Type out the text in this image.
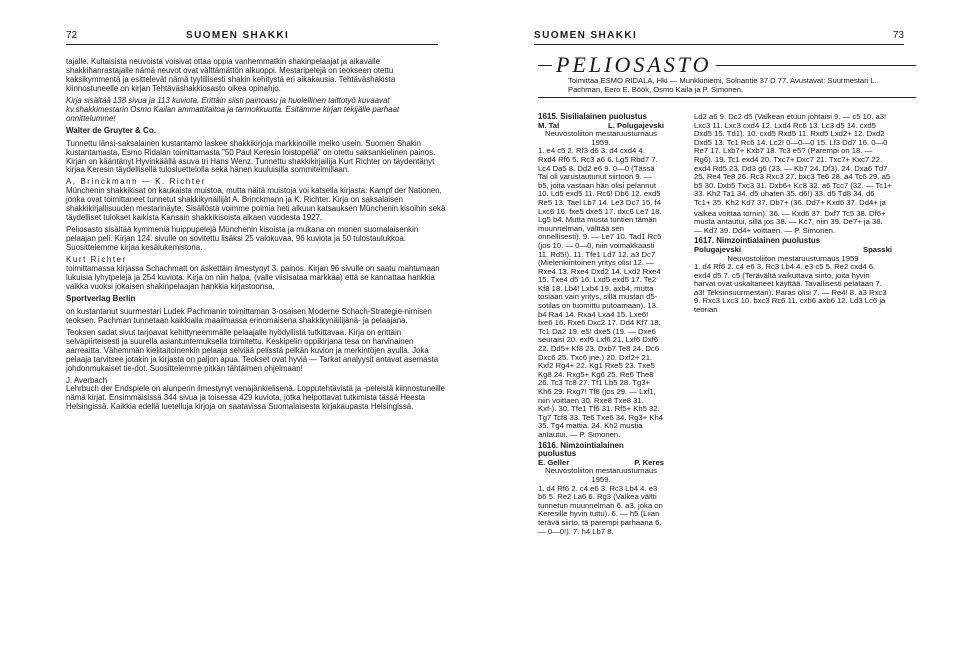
72	SUOMEN SHAKKI

tajalle. Kultaisista neuvoista voisivat ottaa oppia vanhemmatkin shakinpelaajat ja aikavalle shakkihanrastajalle nämä neuvot ovat välttämättön alkuoppi. Mestaripelejä on teokseen otettu kaksikymmentä ja esittelevät nämä tyylillisesti shakin kehitystä eri aikakausia. Tehtäväshakista kiinnostuneelle on kirjan Tehtäväshakkiosasto oikea opinahjo.

Kirja sisältää 138 sivua ja 113 kuviota. Erittäin siisti painoasu ja huolellinen taittotyö kuvaavat kv.shakkimestarin Osmo Kailan ammattitaitoa ja tarmokkuutta. Esitämme kirjan tekijälle parhaat onnittelumme!

Walter de Gruyter & Co.

Tunnettu länsi-saksalainen kustantamo laskee shakkikirjoja markkinoille melko usein. Suomen Shakin kustantamasta, Esmo Ridalan toimittamasta "50 Paul Keresin loistopeliä" on otettu saksankielinen painos. Kirjan on kääntänyt Hyvinkäällä asuva tri Hans Wenz. Tunnettu shakkikirjailija Kurt Richter on täydentänyt kirjaa Keresin täydellisellä tulosluettelolla sekä hänen kuuluisilla sommitelmillaan.

A. Brinckmann — K. Richter

Münchenin shakkikisat on kaukaista muistoa, mutta näitä muistoja voi katsella kirjasta: Kampf der Nationen, jonka ovat toimittaneet tunnetut shakkikynäilijät A. Brinckmann ja K. Richter. Kirja on saksalaisen shakkikirjallisuuden mestarinäyte. Sisällöstä voimme poimia heti alkuun katsauksen Münchenin kisoihin sekä täydelliset tulokset kaikista Kansain shakkikisoista alkaen vuodesta 1927.

Peliosasto sisältää kymmeniä huippupelejä Münchenin kisoista ja mukana on monen suomalaisenkin pelaajan peli. Kirjan 124. sivulle on sovitettu lisäksi 25 valokuvaa, 96 kuviota ja 50 tulostaulukkoa. Suosittelemme kirjaa kesälukemistona.

Kurt Richter

toimittamassa kirjassa Schachmatt on äskettäin ilmestynyt 3. painos. Kirjan 96 sivulle on saatu mahtumaan lukuisia lyhytpelejä ja 254 kuviota. Kirja on niin halpa, (valle viisisataa markkaa) että se kannattaa hankkia vaikka vuoksi jokaisen shakinpelaajan hankkia kirjastoonsa.

Sportverlag Berlin

on kustantanut suurmestari Ludek Pachmanin toimittaman 3-osaisen Moderne Schach-Strategie-nimisen teoksen. Pachman tunnetaan kaikkialla maailmassa erinomaisena shakkikynäilijänä- ja pelaajana.

Teoksen sadat sivut tarjoavat kehittyneemmälle pelaajalle hyödyllistä tutkittavaa. Kirja on erittäin selväpiirteisesti ja suurella asiantuntemuksella toimitettu. Keskipelin oppikirjana tesa on harvinainen aarreaitta. Vähemmän kielitaitoinenkin pelaaja selviää pelisstä pelkän kuvion ja merkintöjen avulla. Joka pelaaja tarvitsee jotakin ja kirjasta on paljon apua. Teokset ovat hyviä — Tarkat analyysit antavat asemasta johdonmukaiset tie-dot. Suosittelemme pitkän tähtäimen ohjelmaan!

J. Averbach

Lehrbuch der Endspiele on alunperin ilmestynyt venäjänkielisenä. Lopputehtävistä ja -peleistä kiinnostuneille nämä kirjat. Ensimmäisissä 344 sivua ja toisessa 429 kuviota, jotka helpottavat tutkimista tässä Heesta Helsingissä. Kaikkia edellä luetelluja kirjoja on saatavissa Suomalaisesta kirjakaupasta Helsingissä.

SUOMEN SHAKKI	73
PELIOSASTO
Toimittaa ESMO RIDALA, Hki — Munkkiniemi, Solnantie 37 D 77. Avustavat: Suurmestari L. Pachman, Eero E. Böök, Osmo Kaila ja P. Simonen.
1615. Sisilialainen puolustus
M. Tal	L. Polugajevski
Neuvostoliiton mestaruusturnaus 1959.

1. e4 c5 2. Rf3 d6 3. d4 cxd4 4. Rxd4 Rf6 5. Rc3 a6 6. Lg5 Rbd7 7. Lc4 Da5 8. Dd2 e6 9. 0—0 (Tässä Tal oli varustautunut siirtoon 9. — b5, joita vastaan hän olisi pelannut 10. Ld5 exd5 11. Rc6! Db6 12. exd5 Re5 13. Tael Lb7 14. Le3 Dc7 15. f4 Lxc6 16. fxe5 dxe5 17. dxc6 Le7 18. Lg5 b4. Mutta musta tuntien tämän muunnelman, välttää sen onnellisesti). 9. — Le7 10. Tad1 Rc5 (jos 10. — 0—0, niin voimakkaasti 11. Rd5!). 11. Tfe1 Ld7 12. a3 Dc7 (Mielenkiintoinen yritys olisi 12. — Rxe4 13. Rxe4 Dxd2 14. Lxd2 Rxe4 15. Txe4 d5 16. Lxd5 exd5 17. Te2 Kf8 18. Lb4! Lxb4 19. axb4, mutta tosiaan vain yritys, sillä mustan d5-sotilas on tuomittu putoamaan). 13. b4 Ra4 14. Rxa4 Lxa4 15. Lxe6! fxe6 16. Rxe6 Dxc2 17. Dd4 Kf7 18. Tc1 Da2 19. e5! dxe5 (19. — Dxe6 seuraisi 20. exf6 Lxf6 21. Lxf6 Dxf6 22. Dd5+ Kf8 23. Dxb7 Te8 24. Dc6 Dxc6 25. Txc6 jne.) 20. Dxf2+ 21. Kxf2 Rg4+ 22. Kg1 Rxe5 23. Txe5 Kg8 24. Rxg5+ Kg6 25. Re6 The8 26. Tc3 Tc8 27. Tf1 Lb5 28. Tg3+ Kh6 29. Rxg7! Tf8 (jos 29. — Lxf1, niin voittaen 30. Rxe8 Txe8 31. Kxf-). 30. Tfe1 Tf6 31. Rf5+ Kh5 32. Tg7 Tcf8 33. Te6 Txe6 34. Rg3+ Kh4 35. Tg4 mattia. 24. Kh2 mustia antautui. — P. Simonen.

1616. Nimzointialainen puolustus
E. Geller	P. Keres
Neuvostoliiton mestaruusturnaus 1959.

1. d4 Rf6 2. c4 e6 3. Rc3 Lb4 4. e3 b6 5. Re2 La6 6. Rg3 (Valkea vältti tunnetun muunnelman 6. a3, joka on Keresille hyvin tuttu). 6. — h5 (Liian terävä siirto, tä parempi parhaana 6. — 0—0!). 7. h4 Lb7 8.

Ld2 a6 9. Dc2 d5 (Valkean etuun johtaisi 9. — c5 10. a3! Lxc3 11. Lxc3 cxd4 12. Lxd4 Rc6 13. Lc3 d5 14. cxd5 Dxd5 15. Td1). 10. cxd5 Rxd5 11. Rxd5 Lxd2+ 12. Dxd2 Dxd5 13. Tc1 Rc6 14. Lc2! 0—0—0 15. Lf3 Dd7 16. 0—0 Re7 17. Lxb7+ Kxb7 18. Tc3 e5? (Parempi on 18. — Rg6). 19. Tc1 exd4 20. Txc7+ Dxc7 21. Txc7+ Kxc7 22. exd4 Rd5 23. Dd3 g6 (23. — Kb7 24. Df3). 24. Dxa6 Td7 25. Re4 Te8 26. Rc3 Rxc3 27. bxc3 Te6 28. a4 Tc6 29. a5 b5 30. Dxb5 Txc3 31. Dxb6+ Kc8 32. a6 Tcc7 (32. — Tc1+ 33. Kh2 Ta1 34. d5 uhaten 35. d6!) 33. d5 Td8 34. d6 Tc1+ 35. Kh2 Kd7 37. Db7+ (36. Dd7+ Kxd6 37. Dd4+ ja

valkea voittaa tornin). 36. — Kxd6 37. Dxf7 Tc5 38. Df6+ musta antautui, sillä jos 38. — Kc7, niin 39. De7+ ja 38. — Kd7 39. Dd4+ voittaen. — P. Simonen.

1617. Nimzointialainen puolustus
Polugajevski	Spasski
Neuvostoliiton mestaruusturnaus 1959

1. d4 Rf6 2. c4 e6 3. Rc3 Lb4 4. e3 c5 5. Re2 cxd4 6. exd4 d5 7. c5 (Terävältä vaikuttava siirto, joita hyvin harvat ovat uskaltaneet käyttää. Tavallisesti pelataan 7. a3! Teksinsuurmestari). Paras olisi 7. — Re4! 8. a3 Rxc3 9. Rxc3 Lxc3 10. bxc3 Rc6 11. cxb6 axb6 12. Ld3 Lc6 ja teorian
